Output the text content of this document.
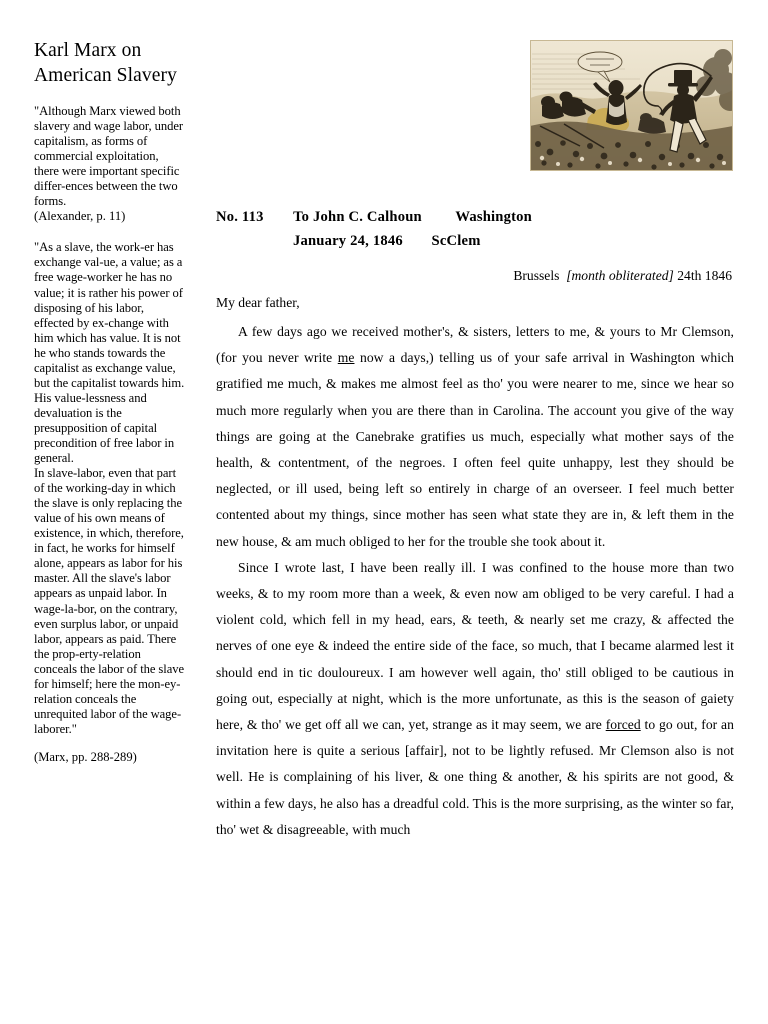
Karl Marx on American Slavery

"Although Marx viewed both slavery and wage labor, under capitalism, as forms of commercial exploitation, there were important specific differ-ences between the two forms.

(Alexander, p. 11)

"As a slave, the work-er has exchange val-ue, a value; as a free wage-worker he has no value; it is rather his power of disposing of his labor, effected by ex-change with him which has value. It is not he who stands towards the capitalist as exchange value, but the capitalist towards him. His value-lessness and devaluation is the presupposition of capital precondition of free labor in general.

In slave-labor, even that part of the working-day in which the slave is only replacing the value of his own means of existence, in which, therefore, in fact, he works for himself alone, appears as labor for his master. All the slave's labor appears as unpaid labor. In wage-la-bor, on the contrary, even surplus labor, or unpaid labor, appears as paid. There the prop-erty-relation conceals the labor of the slave for himself; here the mon-ey-relation conceals the unrequited labor of the wage-laborer."

(Marx, pp. 288-289)

No. 113 To John C. Calhoun Washington
January 24, 1846 ScClem

Brussels [month obliterated] 24th 1846

My dear father,

A few days ago we received mother's, & sisters, letters to me, & yours to Mr Clemson, (for you never write me now a days,) telling us of your safe arrival in Washington which gratified me much, & makes me almost feel as tho' you were nearer to me, since we hear so much more regularly when you are there than in Carolina. The account you give of the way things are going at the Canebrake gratifies us much, especially what mother says of the health, & contentment, of the negroes. I often feel quite unhappy, lest they should be neglected, or ill used, being left so entirely in charge of an overseer. I feel much better contented about my things, since mother has seen what state they are in, & left them in the new house, & am much obliged to her for the trouble she took about it.

Since I wrote last, I have been really ill. I was confined to the house more than two weeks, & to my room more than a week, & even now am obliged to be very careful. I had a violent cold, which fell in my head, ears, & teeth, & nearly set me crazy, & affected the nerves of one eye & indeed the entire side of the face, so much, that I became alarmed lest it should end in tic douloureux. I am however well again, tho' still obliged to be cautious in going out, especially at night, which is the more unfortunate, as this is the season of gaiety here, & tho' we get off all we can, yet, strange as it may seem, we are forced to go out, for an invitation here is quite a serious [affair], not to be lightly refused. Mr Clemson also is not well. He is complaining of his liver, & one thing & another, & his spirits are not good, & within a few days, he also has a dreadful cold. This is the more surprising, as the winter so far, tho' wet & disagreeable, with much
